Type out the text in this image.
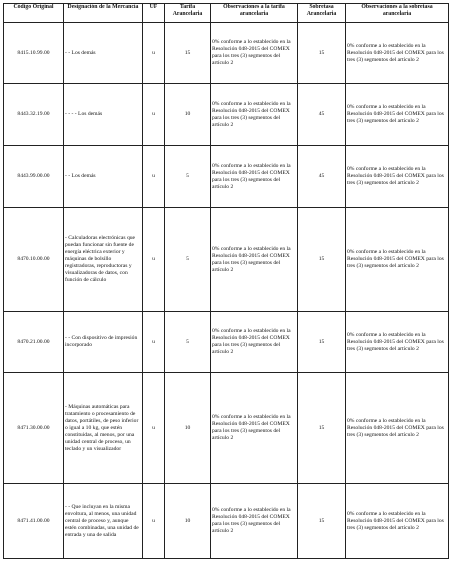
Código Original	Designación de la Mercancía	UF	Tarifa Arancelaria	Observaciones a la tarifa arancelaria	Sobretasa Arancelaria	Observaciones a la sobretasa arancelaria
8415.10.99.00	- - Los demás	u	15	0% conforme a lo establecido en la Resolución 048-2015 del COMEX para los tres (3) segmentos del artículo 2	15	0% conforme a lo establecido en la Resolución 048-2015 del COMEX para los tres (3) segmentos del artículo 2
8443.32.19.00	- - - - Los demás	u	10	0% conforme a lo establecido en la Resolución 048-2015 del COMEX para los tres (3) segmentos del artículo 2	45	0% conforme a lo establecido en la Resolución 048-2015 del COMEX para los tres (3) segmentos del artículo 2
8443.99.00.00	- - Los demás	u	5	0% conforme a lo establecido en la Resolución 048-2015 del COMEX para los tres (3) segmentos del artículo 2	45	0% conforme a lo establecido en la Resolución 048-2015 del COMEX para los tres (3) segmentos del artículo 2
8470.10.00.00	- Calculadoras electrónicas que puedan funcionar sin fuente de energía eléctrica exterior y máquinas de bolsillo registradoras, reproductoras y visualizadoras de datos, con función de cálculo	u	5	0% conforme a lo establecido en la Resolución 048-2015 del COMEX para los tres (3) segmentos del artículo 2	15	0% conforme a lo establecido en la Resolución 048-2015 del COMEX para los tres (3) segmentos del artículo 2
8470.21.00.00	- - Con dispositivo de impresión incorporado	u	5	0% conforme a lo establecido en la Resolución 048-2015 del COMEX para los tres (3) segmentos del artículo 2	15	0% conforme a lo establecido en la Resolución 048-2015 del COMEX para los tres (3) segmentos del artículo 2
8471.30.00.00	- Máquinas automáticas para tratamiento o procesamiento de datos, portátiles, de peso inferior o igual a 10 kg, que estén constituidas, al menos, por una unidad central de proceso, un teclado y un visualizador	u	10	0% conforme a lo establecido en la Resolución 048-2015 del COMEX para los tres (3) segmentos del artículo 2	15	0% conforme a lo establecido en la Resolución 048-2015 del COMEX para los tres (3) segmentos del artículo 2
8471.41.00.00	- - Que incluyan en la misma envoltura, al menos, una unidad central de proceso y, aunque estén combinadas, una unidad de entrada y una de salida	u	10	0% conforme a lo establecido en la Resolución 048-2015 del COMEX para los tres (3) segmentos del artículo 2	15	0% conforme a lo establecido en la Resolución 048-2015 del COMEX para los tres (3) segmentos del artículo 2
